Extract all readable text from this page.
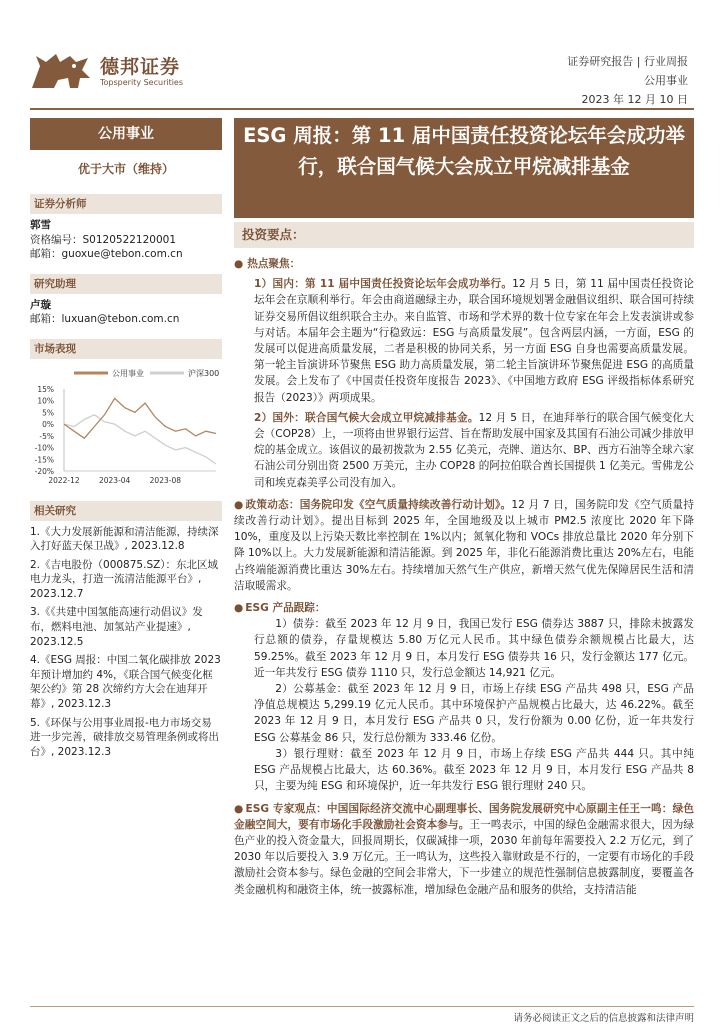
德邦证券
Topsperity Securities
证券研究报告 | 行业周报
公用事业
2023 年 12 月 10 日
公用事业
优于大市（维持）
证券分析师
郭雪
资格编号：S0120522120001
邮箱：guoxue@tebon.com.cn
研究助理
卢璇
邮箱：luxuan@tebon.com.cn
市场表现
公用事业	沪深300
15%
10%
5%
0%
-5%
-10%
-15%
-20%
2022-12	2023-04	2023-08
相关研究
1.《大力发展新能源和清洁能源，持续深入打好蓝天保卫战》, 2023.12.8
2.《吉电股份（000875.SZ）：东北区域电力龙头，打造一流清洁能源平台》, 2023.12.7
3.《《共建中国氢能高速行动倡议》发布，燃料电池、加氢站产业提速》, 2023.12.5
4.《ESG 周报：中国二氧化碳排放 2023 年预计增加约 4%，《联合国气候变化框架公约》第 28 次缔约方大会在迪拜开幕》, 2023.12.3
5.《环保与公用事业周报-电力市场交易进一步完善，破排放交易管理条例或将出台》, 2023.12.3
ESG 周报：第 11 届中国责任投资论坛年会成功举行，联合国气候大会成立甲烷减排基金
投资要点：
● 热点聚焦：
1）国内：第 11 届中国责任投资论坛年会成功举行。12 月 5 日，第 11 届中国责任投资论坛年会在京顺利举行。年会由商道融绿主办，联合国环境规划署金融倡议组织、联合国可持续证券交易所倡议组织联合主办。来自监管、市场和学术界的数十位专家在年会上发表演讲或参与对话。本届年会主题为“行稳致远：ESG 与高质量发展”。包含两层内涵，一方面，ESG 的发展可以促进高质量发展，二者是积极的协同关系，另一方面 ESG 自身也需要高质量发展。第一轮主旨演讲环节聚焦 ESG 助力高质量发展，第二轮主旨演讲环节聚焦促进 ESG 的高质量发展。会上发布了《中国责任投资年度报告 2023》、《中国地方政府 ESG 评级指标体系研究报告（2023）》两项成果。
2）国外：联合国气候大会成立甲烷减排基金。12 月 5 日，在迪拜举行的联合国气候变化大会（COP28）上，一项将由世界银行运营、旨在帮助发展中国家及其国有石油公司减少排放甲烷的基金成立。该倡议的最初拨款为 2.55 亿美元，壳牌、道达尔、BP、西方石油等全球六家石油公司分别出资 2500 万美元，主办 COP28 的阿拉伯联合酋长国提供 1 亿美元。雪佛龙公司和埃克森美孚公司没有加入。
● 政策动态：国务院印发《空气质量持续改善行动计划》。12 月 7 日，国务院印发《空气质量持续改善行动计划》。提出目标到 2025 年，全国地级及以上城市 PM2.5 浓度比 2020 年下降 10%，重度及以上污染天数比率控制在 1%以内；氮氧化物和 VOCs 排放总量比 2020 年分别下降 10%以上。大力发展新能源和清洁能源。到 2025 年，非化石能源消费比重达 20%左右，电能占终端能源消费比重达 30%左右。持续增加天然气生产供应，新增天然气优先保障居民生活和清洁取暖需求。
● ESG 产品跟踪：
1）债券：截至 2023 年 12 月 9 日，我国已发行 ESG 债券达 3887 只，排除未披露发行总额的债券，存量规模达 5.80 万亿元人民币。其中绿色债券余额规模占比最大，达 59.25%。截至 2023 年 12 月 9 日，本月发行 ESG 债券共 16 只，发行金额达 177 亿元。近一年共发行 ESG 债券 1110 只，发行总金额达 14,921 亿元。
2）公募基金：截至 2023 年 12 月 9 日，市场上存续 ESG 产品共 498 只，ESG 产品净值总规模达 5,299.19 亿元人民币。其中环境保护产品规模占比最大，达 46.22%。截至 2023 年 12 月 9 日，本月发行 ESG 产品共 0 只，发行份额为 0.00 亿份，近一年共发行 ESG 公募基金 86 只，发行总份额为 333.46 亿份。
3）银行理财：截至 2023 年 12 月 9 日，市场上存续 ESG 产品共 444 只。其中纯 ESG 产品规模占比最大，达 60.36%。截至 2023 年 12 月 9 日，本月发行 ESG 产品共 8 只，主要为纯 ESG 和环境保护，近一年共发行 ESG 银行理财 240 只。
● ESG 专家观点：中国国际经济交流中心副理事长、国务院发展研究中心原副主任王一鸣：绿色金融空间大，要有市场化手段激励社会资本参与。王一鸣表示，中国的绿色金融需求很大，因为绿色产业的投入资金量大，回报周期长，仅碳减排一项，2030 年前每年需要投入 2.2 万亿元，到了 2030 年以后要投入 3.9 万亿元。王一鸣认为，这些投入靠财政是不行的，一定要有市场化的手段激励社会资本参与。绿色金融的空间会非常大，下一步建立的规范性强制信息披露制度，要覆盖各类金融机构和融资主体，统一披露标准，增加绿色金融产品和服务的供给，支持清洁能
请务必阅读正文之后的信息披露和法律声明
